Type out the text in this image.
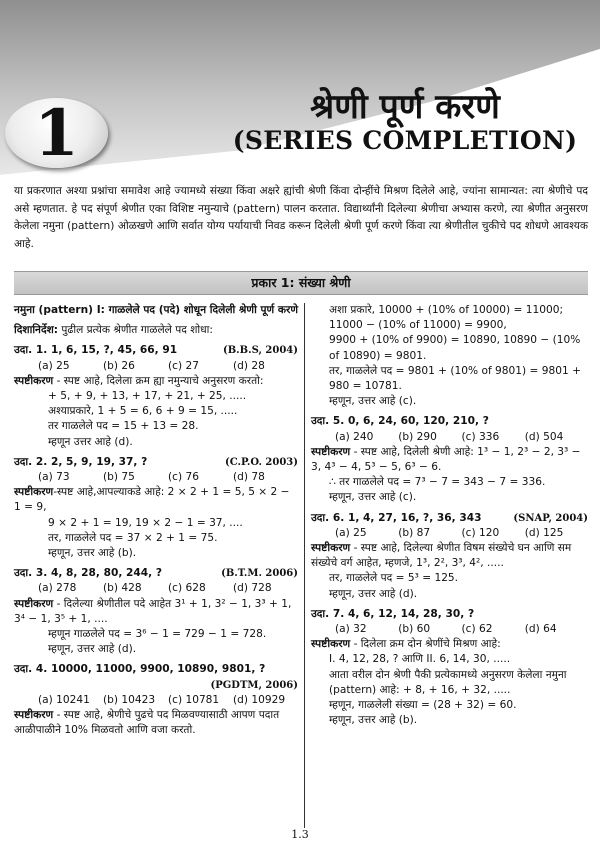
1	श्रेणी पूर्ण करणे
(SERIES COMPLETION)

या प्रकरणात अश्या प्रश्नांचा समावेश आहे ज्यामध्ये संख्या किंवा अक्षरे ह्यांची श्रेणी किंवा दोन्हींचे मिश्रण दिलेले आहे, ज्यांना सामान्यत: त्या श्रेणीचे पद असे म्हणतात. हे पद संपूर्ण श्रेणीत एका विशिष्ट नमुन्याचे (pattern) पालन करतात. विद्यार्थ्यांनी दिलेल्या श्रेणीचा अभ्यास करणे, त्या श्रेणीत अनुसरण केलेला नमुना (pattern) ओळखणे आणि सर्वात योग्य पर्यायाची निवड करून दिलेली श्रेणी पूर्ण करणे किंवा त्या श्रेणीतील चुकीचे पद शोधणे आवश्यक आहे.

प्रकार 1: संख्या श्रेणी

नमुना (pattern) I: गाळलेले पद (पदे) शोधून दिलेली श्रेणी पूर्ण करणे

दिशानिर्देश: पुढील प्रत्येक श्रेणीत गाळलेले पद शोधा:

उदा. 1. 1, 6, 15, ?, 45, 66, 91	(B.B.S, 2004)
(a) 25	(b) 26	(c) 27	(d) 28

स्पष्टीकरण - स्पष्ट आहे, दिलेला क्रम ह्या नमुन्याचे अनुसरण करतो:

+ 5, + 9, + 13, + 17, + 21, + 25, .....

अश्याप्रकारे, 1 + 5 = 6, 6 + 9 = 15, .....

तर गाळलेले पद = 15 + 13 = 28.

म्हणून उत्तर आहे (d).

उदा. 2. 2, 5, 9, 19, 37, ?	(C.P.O. 2003)
(a) 73	(b) 75	(c) 76	(d) 78

स्पष्टीकरण-स्पष्ट आहे,आपल्याकडे आहे: 2 × 2 + 1 = 5, 5 × 2 − 1 = 9,

9 × 2 + 1 = 19, 19 × 2 − 1 = 37, ....

तर, गाळलेले पद = 37 × 2 + 1 = 75.

म्हणून, उत्तर आहे (b).

उदा. 3. 4, 8, 28, 80, 244, ?	(B.T.M. 2006)
(a) 278	(b) 428	(c) 628	(d) 728

स्पष्टीकरण - दिलेल्या श्रेणीतील पदे आहेत 3¹ + 1, 3² − 1, 3³ + 1, 3⁴ − 1, 3⁵ + 1, ....

म्हणून गाळलेले पद = 3⁶ − 1 = 729 − 1 = 728.

म्हणून, उत्तर आहे (d).

उदा. 4. 10000, 11000, 9900, 10890, 9801, ?

(PGDTM, 2006)
(a) 10241	(b) 10423	(c) 10781	(d) 10929

स्पष्टीकरण - स्पष्ट आहे, श्रेणीचे पुढचे पद मिळवण्यासाठी आपण पदात आळीपाळीने 10% मिळवतो आणि वजा करतो.

अशा प्रकारे, 10000 + (10% of 10000) = 11000;

11000 − (10% of 11000) = 9900,

9900 + (10% of 9900) = 10890, 10890 − (10% of 10890) = 9801.

तर, गाळलेले पद = 9801 + (10% of 9801) = 9801 + 980 = 10781.

म्हणून, उत्तर आहे (c).

उदा. 5. 0, 6, 24, 60, 120, 210, ?

(a) 240	(b) 290	(c) 336	(d) 504

स्पष्टीकरण - स्पष्ट आहे, दिलेली श्रेणी आहे: 1³ − 1, 2³ − 2, 3³ − 3, 4³ − 4, 5³ − 5, 6³ − 6.

∴ तर गाळलेले पद = 7³ − 7 = 343 − 7 = 336.

म्हणून, उत्तर आहे (c).

उदा. 6. 1, 4, 27, 16, ?, 36, 343	(SNAP, 2004)
(a) 25	(b) 87	(c) 120	(d) 125

स्पष्टीकरण - स्पष्ट आहे, दिलेल्या श्रेणीत विषम संख्येचे घन आणि सम संख्येचे वर्ग आहेत, म्हणजे, 1³, 2², 3³, 4², .....

तर, गाळलेले पद = 5³ = 125.

म्हणून, उत्तर आहे (d).

उदा. 7. 4, 6, 12, 14, 28, 30, ?

(a) 32	(b) 60	(c) 62	(d) 64

स्पष्टीकरण - दिलेला क्रम दोन श्रेणींचे मिश्रण आहे:

I. 4, 12, 28, ? आणि II. 6, 14, 30, .....

आता वरील दोन श्रेणी पैकी प्रत्येकामध्ये अनुसरण केलेला नमुना (pattern) आहे: + 8, + 16, + 32, .....

म्हणून, गाळलेली संख्या = (28 + 32) = 60.

म्हणून, उत्तर आहे (b).

1.3
